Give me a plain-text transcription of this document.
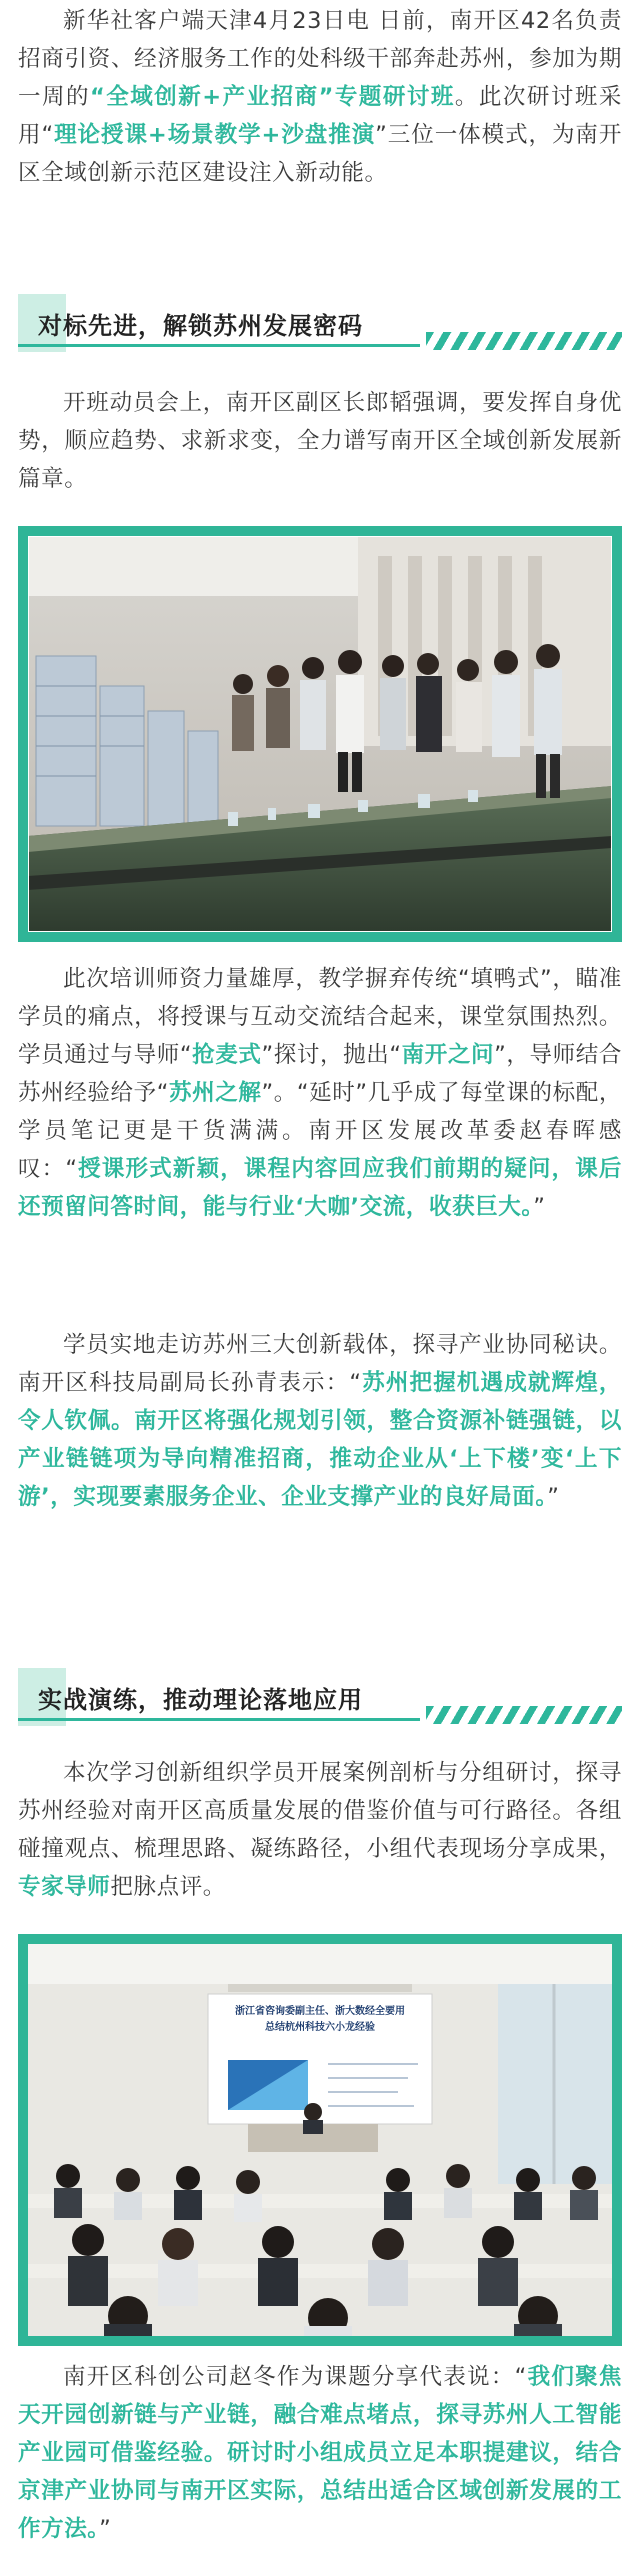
新华社客户端天津4月23日电 日前，南开区42名负责招商引资、经济服务工作的处科级干部奔赴苏州，参加为期一周的“全域创新+产业招商”专题研讨班。此次研讨班采用“理论授课+场景教学+沙盘推演”三位一体模式，为南开区全域创新示范区建设注入新动能。

对标先进，解锁苏州发展密码

开班动员会上，南开区副区长郎韬强调，要发挥自身优势，顺应趋势、求新求变，全力谱写南开区全域创新发展新篇章。

此次培训师资力量雄厚，教学摒弃传统“填鸭式”，瞄准学员的痛点，将授课与互动交流结合起来，课堂氛围热烈。学员通过与导师“抢麦式”探讨，抛出“南开之问”，导师结合苏州经验给予“苏州之解”。“延时”几乎成了每堂课的标配，学员笔记更是干货满满。南开区发展改革委赵春晖感叹：“授课形式新颖，课程内容回应我们前期的疑问，课后还预留问答时间，能与行业‘大咖’交流，收获巨大。”

学员实地走访苏州三大创新载体，探寻产业协同秘诀。南开区科技局副局长孙青表示：“苏州把握机遇成就辉煌，令人钦佩。南开区将强化规划引领，整合资源补链强链，以产业链链项为导向精准招商，推动企业从‘上下楼’变‘上下游’，实现要素服务企业、企业支撑产业的良好局面。”

实战演练，推动理论落地应用

本次学习创新组织学员开展案例剖析与分组研讨，探寻苏州经验对南开区高质量发展的借鉴价值与可行路径。各组碰撞观点、梳理思路、凝练路径，小组代表现场分享成果，专家导师把脉点评。

浙江省咨询委副主任、浙大数经全要用
总结杭州科技六小龙经验

南开区科创公司赵冬作为课题分享代表说：“我们聚焦天开园创新链与产业链，融合难点堵点，探寻苏州人工智能产业园可借鉴经验。研讨时小组成员立足本职提建议，结合京津产业协同与南开区实际，总结出适合区域创新发展的工作方法。”
